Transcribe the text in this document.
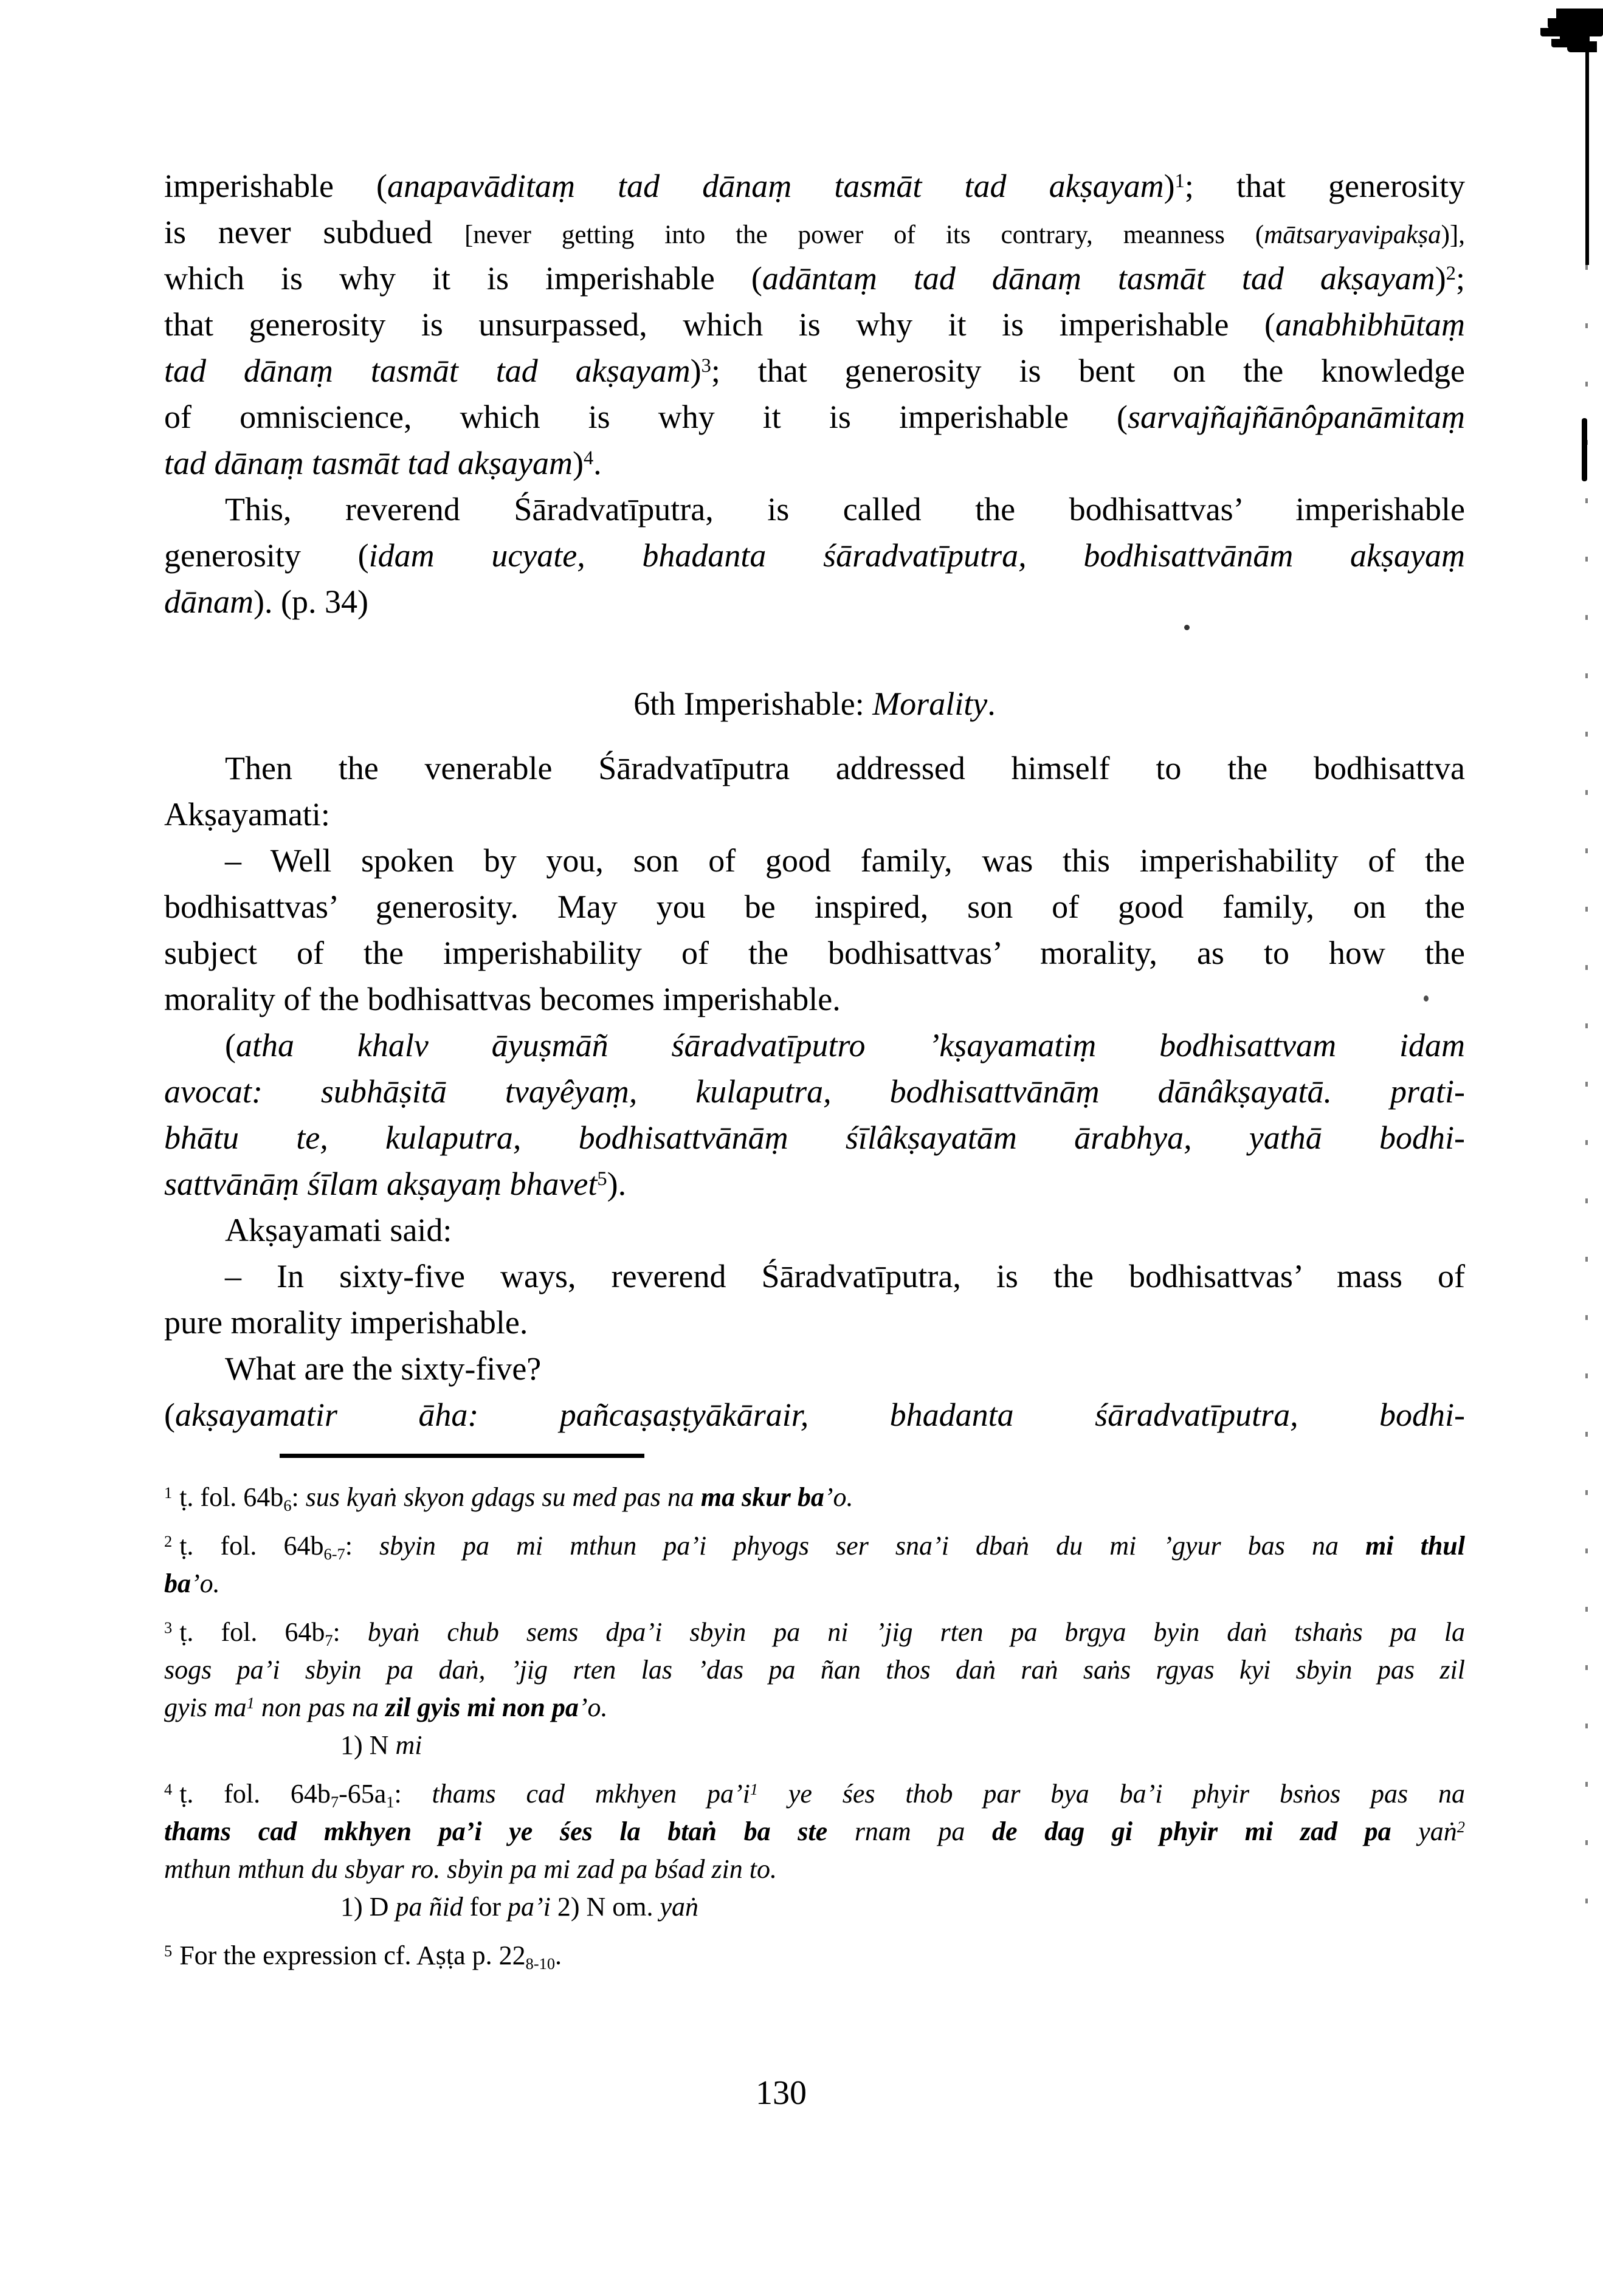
imperishable (anapavāditaṃ tad dānaṃ tasmāt tad akṣayam)$^1$; that generosity
is never subdued [never getting into the power of its contrary, meanness (mātsaryavipakṣa)],
which is why it is imperishable (adāntaṃ tad dānaṃ tasmāt tad akṣayam)$^2$;
that generosity is unsurpassed, which is why it is imperishable (anabhibhūtaṃ
tad dānaṃ tasmāt tad akṣayam)$^3$; that generosity is bent on the knowledge
of omniscience, which is why it is imperishable (sarvajñajñānôpanāmitaṃ
tad dānaṃ tasmāt tad akṣayam)$^4$.
This, reverend Śāradvatīputra, is called the bodhisattvas’ imperishable
generosity (idam ucyate, bhadanta śāradvatīputra, bodhisattvānām akṣayaṃ
dānam). (p. 34)
6th Imperishable: Morality.
Then the venerable Śāradvatīputra addressed himself to the bodhisattva
Akṣayamati:
– Well spoken by you, son of good family, was this imperishability of the
bodhisattvas’ generosity. May you be inspired, son of good family, on the
subject of the imperishability of the bodhisattvas’ morality, as to how the
morality of the bodhisattvas becomes imperishable.
(atha khalv āyuṣmāñ śāradvatīputro ’kṣayamatiṃ bodhisattvam idam
avocat: subhāṣitā tvayêyaṃ, kulaputra, bodhisattvānāṃ dānâkṣayatā. prati-
bhātu te, kulaputra, bodhisattvānāṃ śīlâkṣayatām ārabhya, yathā bodhi-
sattvānāṃ śīlam akṣayaṃ bhavet$^5$).
Akṣayamati said:
– In sixty-five ways, reverend Śāradvatīputra, is the bodhisattvas’ mass of
pure morality imperishable.
What are the sixty-five?
(akṣayamatir āha: pañcaṣaṣṭyākārair, bhadanta śāradvatīputra, bodhi-
$^1$ ṭ. fol. 64b6: sus kyaṅ skyon gdags su med pas na ma skur ba’o.
$^2$ ṭ. fol. 64b6-7: sbyin pa mi mthun pa’i phyogs ser sna’i dbaṅ du mi ’gyur bas na mi thul
ba’o.
$^3$ ṭ. fol. 64b7: byaṅ chub sems dpa’i sbyin pa ni ’jig rten pa brgya byin daṅ tshaṅs pa la
sogs pa’i sbyin pa daṅ, ’jig rten las ’das pa ñan thos daṅ raṅ saṅs rgyas kyi sbyin pas zil
gyis $ma^1$ non pas na zil gyis mi non pa’o.
1) N mi
$^4$ ṭ. fol. 64b7-65a1: thams cad mkhyen $pa’i^1$ ye śes thob par bya ba’i phyir bsṅos pas na
thams cad mkhyen pa’i ye śes la btaṅ ba ste rnam pa de dag gi phyir mi zad pa yaṅ$^2$
mthun mthun du sbyar ro. sbyin pa mi zad pa bśad zin to.
1) D pa ñid for pa’i 2) N om. yaṅ
$^5$ For the expression cf. Aṣṭa p. 228-10.
130
